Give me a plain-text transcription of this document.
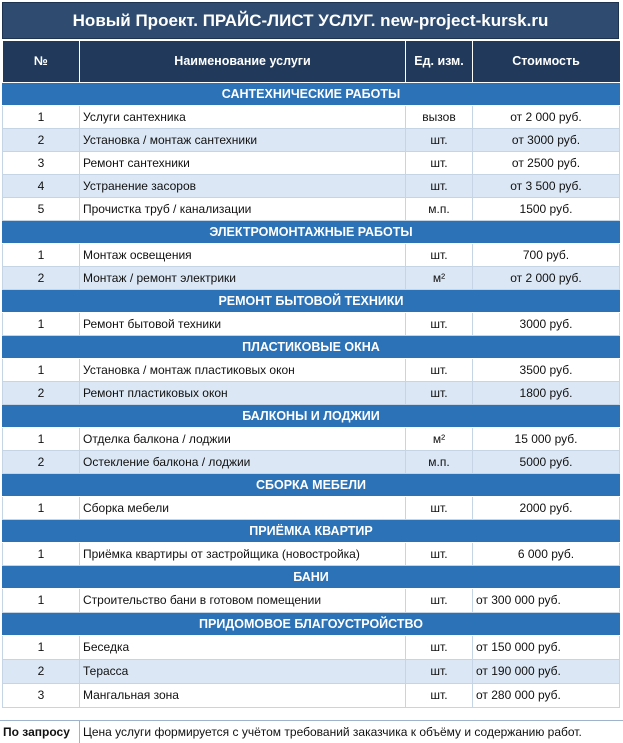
Новый Проект. ПРАЙС-ЛИСТ УСЛУГ. new-project-kursk.ru
№	Наименование услуги	Ед. изм.	Стоимость
САНТЕХНИЧЕСКИЕ РАБОТЫ			
1	Услуги сантехника	вызов	от 2 000 руб.
2	Установка / монтаж сантехники	шт.	от 3000 руб.
3	Ремонт сантехники	шт.	от 2500 руб.
4	Устранение засоров	шт.	от 3 500 руб.
5	Прочистка труб / канализации	м.п.	1500 руб.
ЭЛЕКТРОМОНТАЖНЫЕ РАБОТЫ			
1	Монтаж освещения	шт.	700 руб.
2	Монтаж / ремонт электрики	м²	от 2 000 руб.
РЕМОНТ БЫТОВОЙ ТЕХНИКИ			
1	Ремонт бытовой техники	шт.	3000 руб.
ПЛАСТИКОВЫЕ ОКНА			
1	Установка / монтаж пластиковых окон	шт.	3500 руб.
2	Ремонт пластиковых окон	шт.	1800 руб.
БАЛКОНЫ И ЛОДЖИИ			
1	Отделка балкона / лоджии	м²	15 000 руб.
2	Остекление балкона / лоджии	м.п.	5000 руб.
СБОРКА МЕБЕЛИ			
1	Сборка мебели	шт.	2000 руб.
ПРИЁМКА КВАРТИР			
1	Приёмка квартиры от застройщика (новостройка)	шт.	6 000 руб.
БАНИ			
1	Строительство бани в готовом помещении	шт.	от 300 000 руб.
ПРИДОМОВОЕ БЛАГОУСТРОЙСТВО			
1	Беседка	шт.	от 150 000 руб.
2	Терасса	шт.	от 190 000 руб.
3	Мангальная зона	шт.	от 280 000 руб.
По запросу	Цена услуги формируется с учётом требований заказчика к объёму и содержанию работ.
